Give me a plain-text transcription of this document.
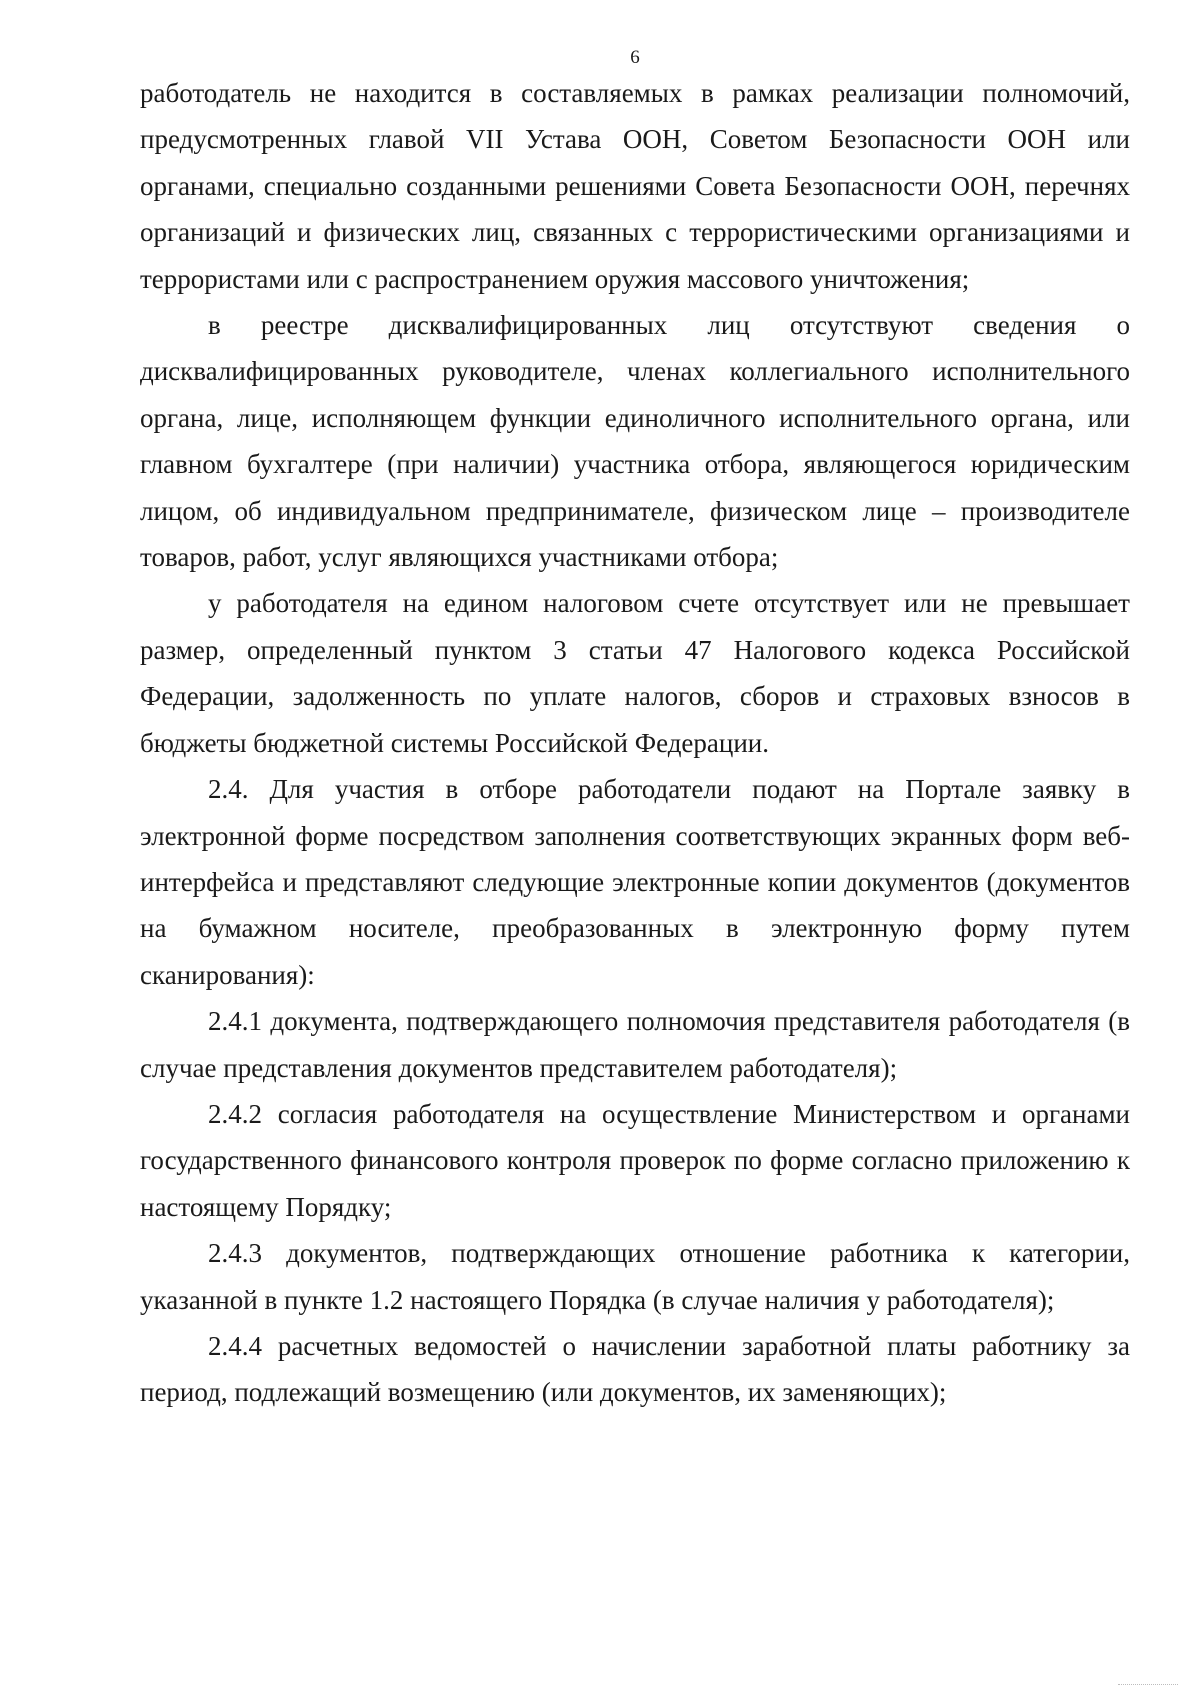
6

работодатель не находится в составляемых в рамках реализации полномочий, предусмотренных главой VII Устава ООН, Советом Безопасности ООН или органами, специально созданными решениями Совета Безопасности ООН, перечнях организаций и физических лиц, связанных с террористическими организациями и террористами или с распространением оружия массового уничтожения;

в реестре дисквалифицированных лиц отсутствуют сведения о дисквалифицированных руководителе, членах коллегиального исполнительного органа, лице, исполняющем функции единоличного исполнительного органа, или главном бухгалтере (при наличии) участника отбора, являющегося юридическим лицом, об индивидуальном предпринимателе, физическом лице – производителе товаров, работ, услуг являющихся участниками отбора;

у работодателя на едином налоговом счете отсутствует или не превышает размер, определенный пунктом 3 статьи 47 Налогового кодекса Российской Федерации, задолженность по уплате налогов, сборов и страховых взносов в бюджеты бюджетной системы Российской Федерации.

2.4. Для участия в отборе работодатели подают на Портале заявку в электронной форме посредством заполнения соответствующих экранных форм веб-интерфейса и представляют следующие электронные копии документов (документов на бумажном носителе, преобразованных в электронную форму путем сканирования):

2.4.1 документа, подтверждающего полномочия представителя работодателя (в случае представления документов представителем работодателя);

2.4.2 согласия работодателя на осуществление Министерством и органами государственного финансового контроля проверок по форме согласно приложению к настоящему Порядку;

2.4.3 документов, подтверждающих отношение работника к категории, указанной в пункте 1.2 настоящего Порядка (в случае наличия у работодателя);

2.4.4 расчетных ведомостей о начислении заработной платы работнику за период, подлежащий возмещению (или документов, их заменяющих);
